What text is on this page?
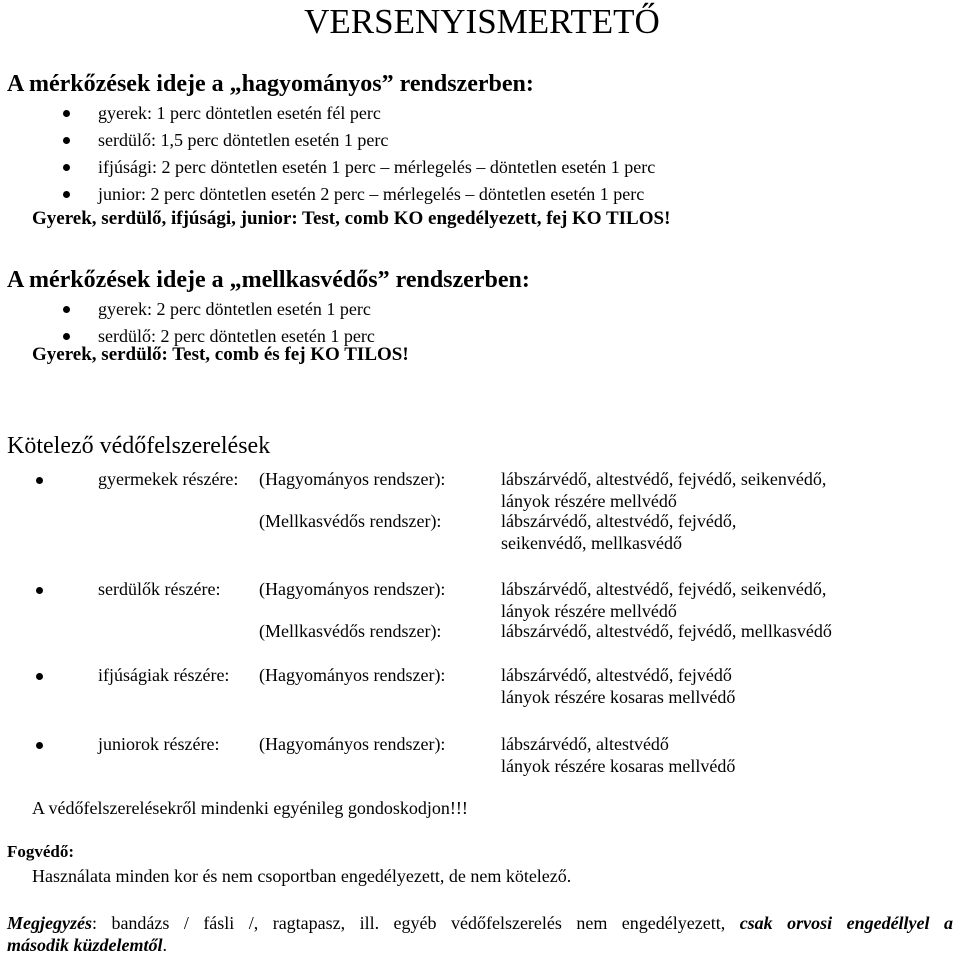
VERSENYISMERTETŐ
A mérkőzések ideje a „hagyományos” rendszerben:
gyerek: 1 perc döntetlen esetén fél perc
serdülő: 1,5 perc döntetlen esetén 1 perc
ifjúsági: 2 perc döntetlen esetén 1 perc – mérlegelés – döntetlen esetén 1 perc
junior: 2 perc döntetlen esetén 2 perc – mérlegelés – döntetlen esetén 1 perc
Gyerek, serdülő, ifjúsági, junior: Test, comb KO engedélyezett, fej KO TILOS!
A mérkőzések ideje a „mellkasvédős” rendszerben:
gyerek: 2 perc döntetlen esetén 1 perc
serdülő: 2 perc döntetlen esetén 1 perc
Gyerek, serdülő: Test, comb és fej KO TILOS!
Kötelező védőfelszerelések
gyermekek részére: (Hagyományos rendszer):	lábszárvédő, altestvédő, fejvédő, seikenvédő,
lányok részére mellvédő
(Mellkasvédős rendszer):	lábszárvédő, altestvédő, fejvédő,
seikenvédő, mellkasvédő
serdülők részére: (Hagyományos rendszer):	lábszárvédő, altestvédő, fejvédő, seikenvédő,
lányok részére mellvédő
(Mellkasvédős rendszer):	lábszárvédő, altestvédő, fejvédő, mellkasvédő
ifjúságiak részére: (Hagyományos rendszer):	lábszárvédő, altestvédő, fejvédő
lányok részére kosaras mellvédő
juniorok részére: (Hagyományos rendszer):	lábszárvédő, altestvédő
lányok részére kosaras mellvédő
A védőfelszerelésekről mindenki egyénileg gondoskodjon!!!
Fogvédő:
Használata minden kor és nem csoportban engedélyezett, de nem kötelező.
Megjegyzés: bandázs / fásli /, ragtapasz, ill. egyéb védőfelszerelés nem engedélyezett, csak orvosi engedéllyel a
második küzdelemtől.
